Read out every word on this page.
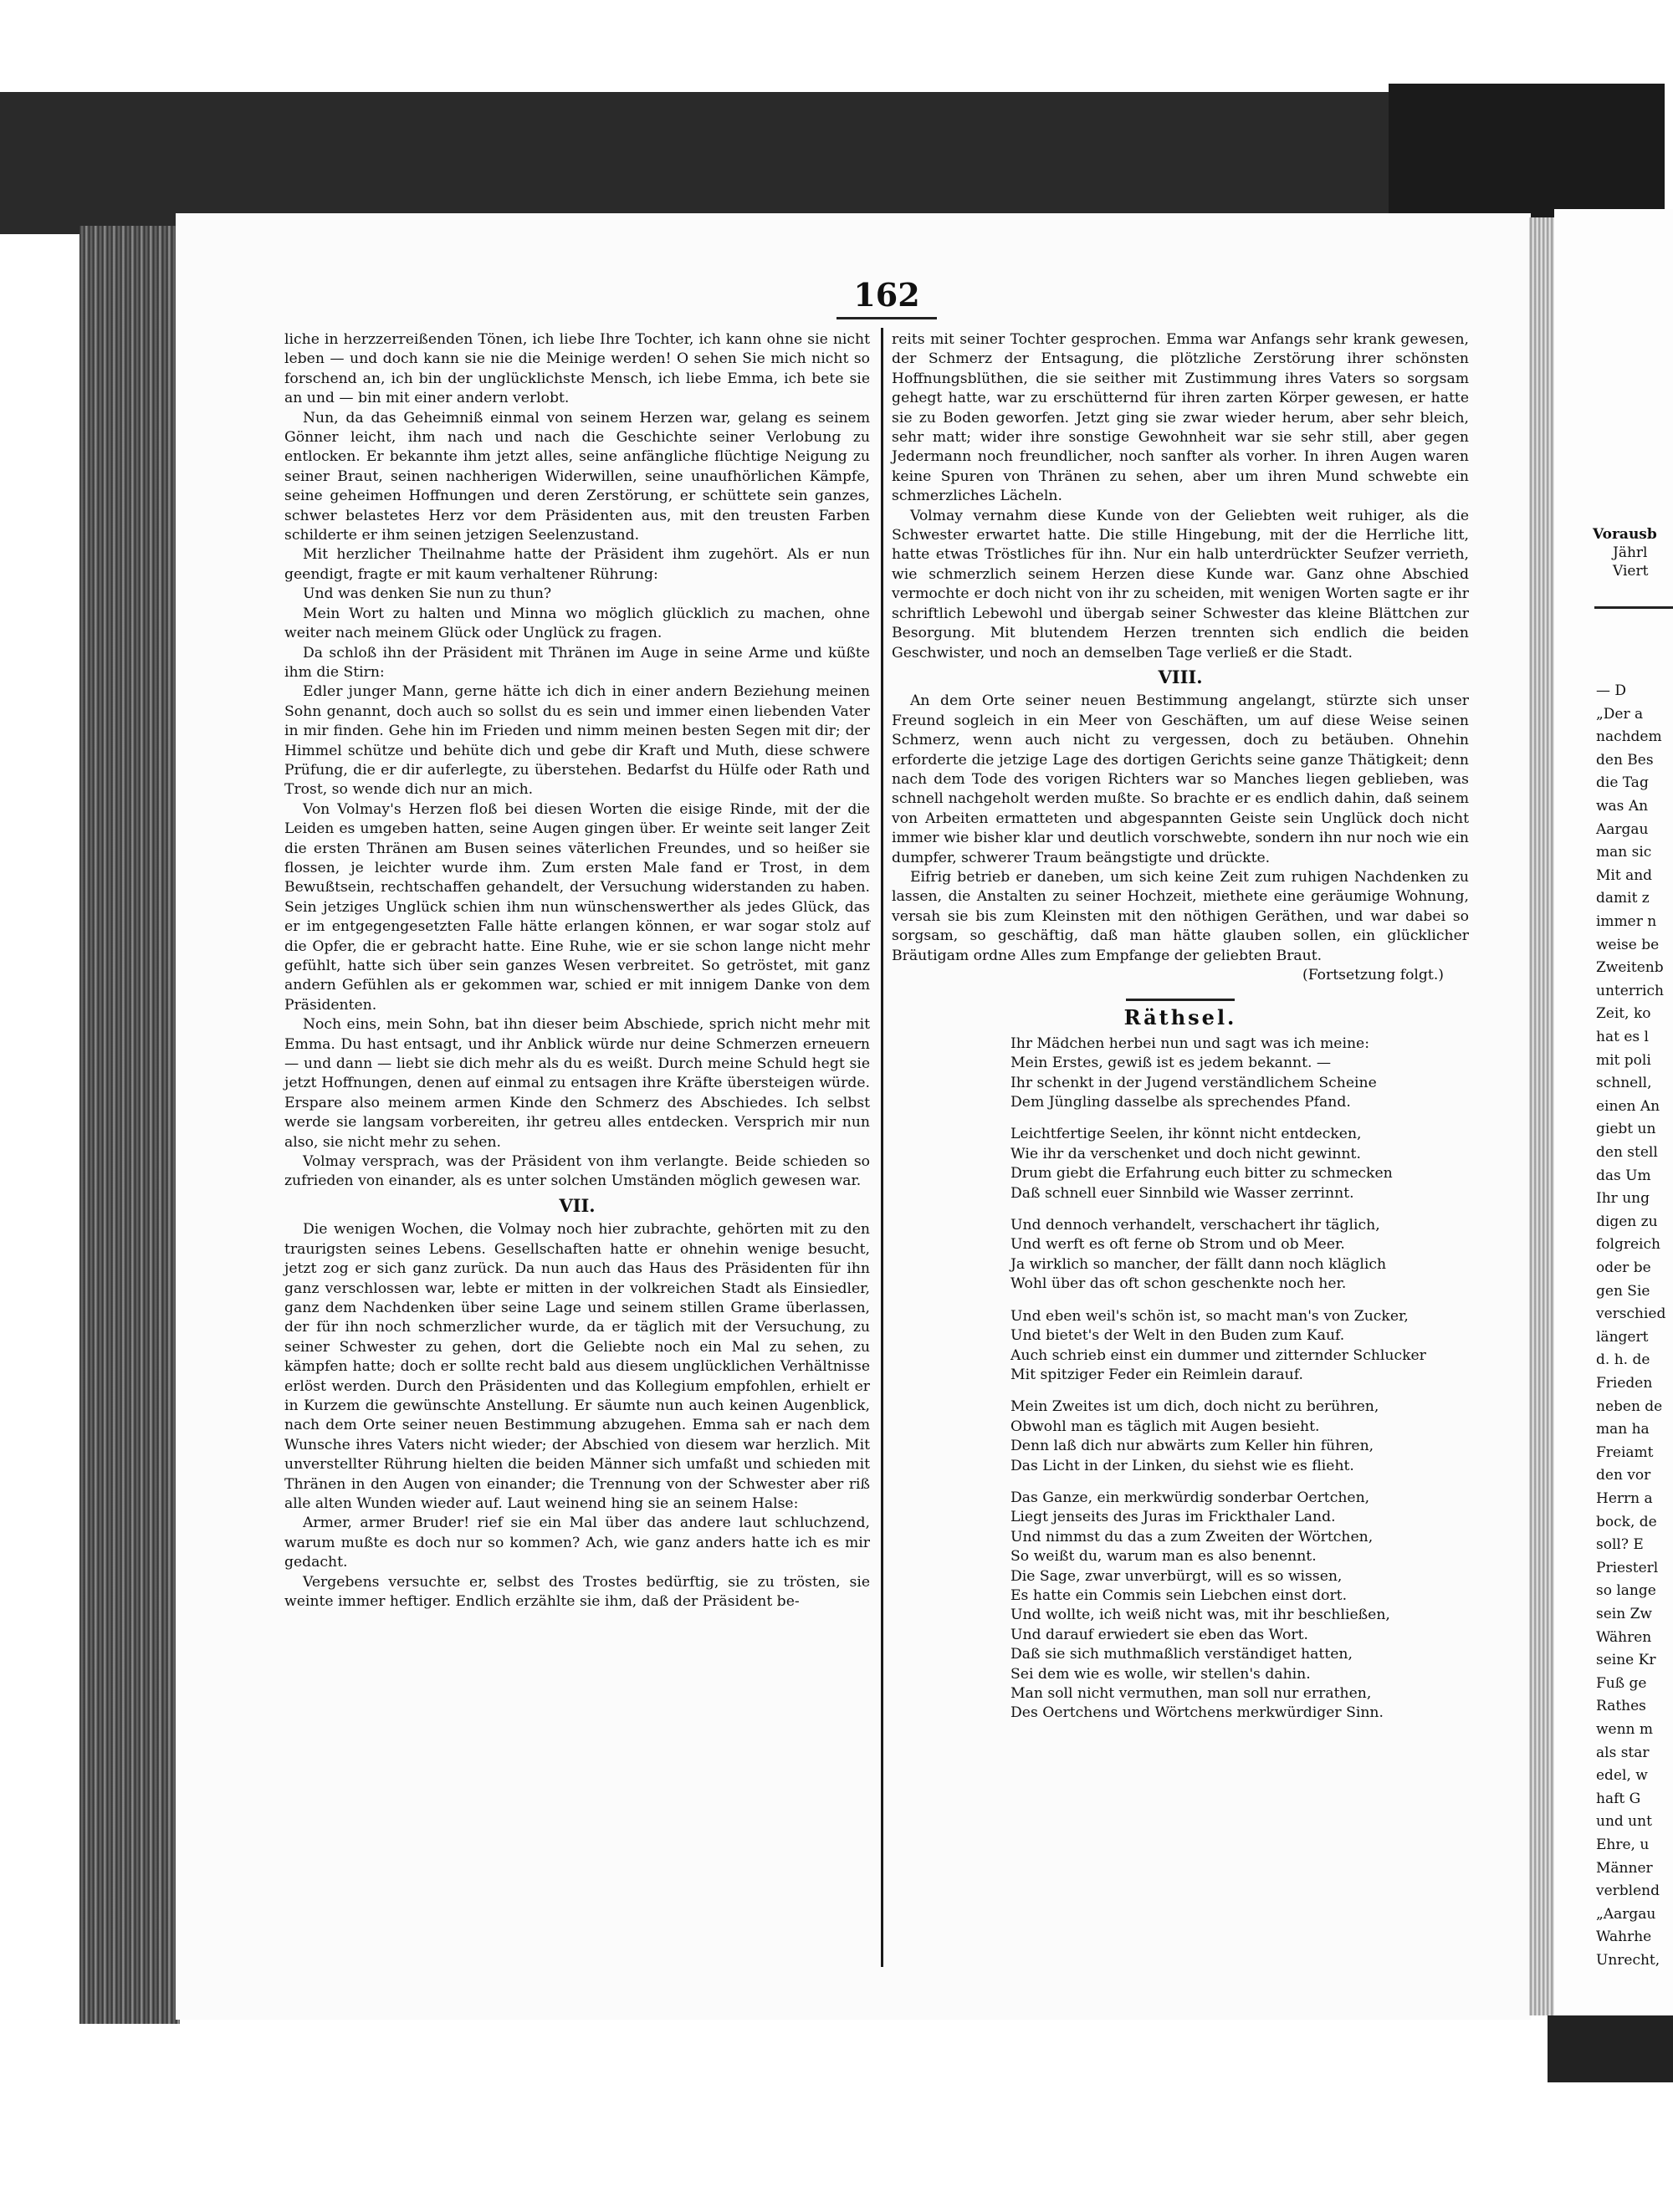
162

liche in herzzerreißenden Tönen, ich liebe Ihre Tochter, ich kann ohne sie nicht leben — und doch kann sie nie die Meinige werden! O sehen Sie mich nicht so forschend an, ich bin der unglücklichste Mensch, ich liebe Emma, ich bete sie an und — bin mit einer andern verlobt.

Nun, da das Geheimniß einmal von seinem Herzen war, gelang es seinem Gönner leicht, ihm nach und nach die Geschichte seiner Verlobung zu entlocken. Er bekannte ihm jetzt alles, seine anfängliche flüchtige Neigung zu seiner Braut, seinen nachherigen Widerwillen, seine unaufhörlichen Kämpfe, seine geheimen Hoffnungen und deren Zerstörung, er schüttete sein ganzes, schwer belastetes Herz vor dem Präsidenten aus, mit den treusten Farben schilderte er ihm seinen jetzigen Seelenzustand.

Mit herzlicher Theilnahme hatte der Präsident ihm zugehört. Als er nun geendigt, fragte er mit kaum verhaltener Rührung:

Und was denken Sie nun zu thun?

Mein Wort zu halten und Minna wo möglich glücklich zu machen, ohne weiter nach meinem Glück oder Unglück zu fragen.

Da schloß ihn der Präsident mit Thränen im Auge in seine Arme und küßte ihm die Stirn:

Edler junger Mann, gerne hätte ich dich in einer andern Beziehung meinen Sohn genannt, doch auch so sollst du es sein und immer einen liebenden Vater in mir finden. Gehe hin im Frieden und nimm meinen besten Segen mit dir; der Himmel schütze und behüte dich und gebe dir Kraft und Muth, diese schwere Prüfung, die er dir auferlegte, zu überstehen. Bedarfst du Hülfe oder Rath und Trost, so wende dich nur an mich.

Von Volmay's Herzen floß bei diesen Worten die eisige Rinde, mit der die Leiden es umgeben hatten, seine Augen gingen über. Er weinte seit langer Zeit die ersten Thränen am Busen seines väterlichen Freundes, und so heißer sie flossen, je leichter wurde ihm. Zum ersten Male fand er Trost, in dem Bewußtsein, rechtschaffen gehandelt, der Versuchung widerstanden zu haben. Sein jetziges Unglück schien ihm nun wünschenswerther als jedes Glück, das er im entgegengesetzten Falle hätte erlangen können, er war sogar stolz auf die Opfer, die er gebracht hatte. Eine Ruhe, wie er sie schon lange nicht mehr gefühlt, hatte sich über sein ganzes Wesen verbreitet. So getröstet, mit ganz andern Gefühlen als er gekommen war, schied er mit innigem Danke von dem Präsidenten.

Noch eins, mein Sohn, bat ihn dieser beim Abschiede, sprich nicht mehr mit Emma. Du hast entsagt, und ihr Anblick würde nur deine Schmerzen erneuern — und dann — liebt sie dich mehr als du es weißt. Durch meine Schuld hegt sie jetzt Hoffnungen, denen auf einmal zu entsagen ihre Kräfte übersteigen würde. Erspare also meinem armen Kinde den Schmerz des Abschiedes. Ich selbst werde sie langsam vorbereiten, ihr getreu alles entdecken. Versprich mir nun also, sie nicht mehr zu sehen.

Volmay versprach, was der Präsident von ihm verlangte. Beide schieden so zufrieden von einander, als es unter solchen Umständen möglich gewesen war.

VII.

Die wenigen Wochen, die Volmay noch hier zubrachte, gehörten mit zu den traurigsten seines Lebens. Gesellschaften hatte er ohnehin wenige besucht, jetzt zog er sich ganz zurück. Da nun auch das Haus des Präsidenten für ihn ganz verschlossen war, lebte er mitten in der volkreichen Stadt als Einsiedler, ganz dem Nachdenken über seine Lage und seinem stillen Grame überlassen, der für ihn noch schmerzlicher wurde, da er täglich mit der Versuchung, zu seiner Schwester zu gehen, dort die Geliebte noch ein Mal zu sehen, zu kämpfen hatte; doch er sollte recht bald aus diesem unglücklichen Verhältnisse erlöst werden. Durch den Präsidenten und das Kollegium empfohlen, erhielt er in Kurzem die gewünschte Anstellung. Er säumte nun auch keinen Augenblick, nach dem Orte seiner neuen Bestimmung abzugehen. Emma sah er nach dem Wunsche ihres Vaters nicht wieder; der Abschied von diesem war herzlich. Mit unverstellter Rührung hielten die beiden Männer sich umfaßt und schieden mit Thränen in den Augen von einander; die Trennung von der Schwester aber riß alle alten Wunden wieder auf. Laut weinend hing sie an seinem Halse:

Armer, armer Bruder! rief sie ein Mal über das andere laut schluchzend, warum mußte es doch nur so kommen? Ach, wie ganz anders hatte ich es mir gedacht.

Vergebens versuchte er, selbst des Trostes bedürftig, sie zu trösten, sie weinte immer heftiger. Endlich erzählte sie ihm, daß der Präsident be-

reits mit seiner Tochter gesprochen. Emma war Anfangs sehr krank gewesen, der Schmerz der Entsagung, die plötzliche Zerstörung ihrer schönsten Hoffnungsblüthen, die sie seither mit Zustimmung ihres Vaters so sorgsam gehegt hatte, war zu erschütternd für ihren zarten Körper gewesen, er hatte sie zu Boden geworfen. Jetzt ging sie zwar wieder herum, aber sehr bleich, sehr matt; wider ihre sonstige Gewohnheit war sie sehr still, aber gegen Jedermann noch freundlicher, noch sanfter als vorher. In ihren Augen waren keine Spuren von Thränen zu sehen, aber um ihren Mund schwebte ein schmerzliches Lächeln.

Volmay vernahm diese Kunde von der Geliebten weit ruhiger, als die Schwester erwartet hatte. Die stille Hingebung, mit der die Herrliche litt, hatte etwas Tröstliches für ihn. Nur ein halb unterdrückter Seufzer verrieth, wie schmerzlich seinem Herzen diese Kunde war. Ganz ohne Abschied vermochte er doch nicht von ihr zu scheiden, mit wenigen Worten sagte er ihr schriftlich Lebewohl und übergab seiner Schwester das kleine Blättchen zur Besorgung. Mit blutendem Herzen trennten sich endlich die beiden Geschwister, und noch an demselben Tage verließ er die Stadt.

VIII.

An dem Orte seiner neuen Bestimmung angelangt, stürzte sich unser Freund sogleich in ein Meer von Geschäften, um auf diese Weise seinen Schmerz, wenn auch nicht zu vergessen, doch zu betäuben. Ohnehin erforderte die jetzige Lage des dortigen Gerichts seine ganze Thätigkeit; denn nach dem Tode des vorigen Richters war so Manches liegen geblieben, was schnell nachgeholt werden mußte. So brachte er es endlich dahin, daß seinem von Arbeiten ermatteten und abgespannten Geiste sein Unglück doch nicht immer wie bisher klar und deutlich vorschwebte, sondern ihn nur noch wie ein dumpfer, schwerer Traum beängstigte und drückte.

Eifrig betrieb er daneben, um sich keine Zeit zum ruhigen Nachdenken zu lassen, die Anstalten zu seiner Hochzeit, miethete eine geräumige Wohnung, versah sie bis zum Kleinsten mit den nöthigen Geräthen, und war dabei so sorgsam, so geschäftig, daß man hätte glauben sollen, ein glücklicher Bräutigam ordne Alles zum Empfange der geliebten Braut.

(Fortsetzung folgt.)
Räthsel.
Ihr Mädchen herbei nun und sagt was ich meine:
Mein Erstes, gewiß ist es jedem bekannt. —
Ihr schenkt in der Jugend verständlichem Scheine
Dem Jüngling dasselbe als sprechendes Pfand.
Leichtfertige Seelen, ihr könnt nicht entdecken,
Wie ihr da verschenket und doch nicht gewinnt.
Drum giebt die Erfahrung euch bitter zu schmecken
Daß schnell euer Sinnbild wie Wasser zerrinnt.
Und dennoch verhandelt, verschachert ihr täglich,
Und werft es oft ferne ob Strom und ob Meer.
Ja wirklich so mancher, der fällt dann noch kläglich
Wohl über das oft schon geschenkte noch her.
Und eben weil's schön ist, so macht man's von Zucker,
Und bietet's der Welt in den Buden zum Kauf.
Auch schrieb einst ein dummer und zitternder Schlucker
Mit spitziger Feder ein Reimlein darauf.
Mein Zweites ist um dich, doch nicht zu berühren,
Obwohl man es täglich mit Augen besieht.
Denn laß dich nur abwärts zum Keller hin führen,
Das Licht in der Linken, du siehst wie es flieht.
Das Ganze, ein merkwürdig sonderbar Oertchen,
Liegt jenseits des Juras im Frickthaler Land.
Und nimmst du das a zum Zweiten der Wörtchen,
So weißt du, warum man es also benennt.
Die Sage, zwar unverbürgt, will es so wissen,
Es hatte ein Commis sein Liebchen einst dort.
Und wollte, ich weiß nicht was, mit ihr beschließen,
Und darauf erwiedert sie eben das Wort.
Daß sie sich muthmaßlich verständiget hatten,
Sei dem wie es wolle, wir stellen's dahin.
Man soll nicht vermuthen, man soll nur errathen,
Des Oertchens und Wörtchens merkwürdiger Sinn.
Vorausb
Jährl
Viert
— D
„Der a
nachdem
den Bes
die Tag
was An
Aargau
man sic
Mit and
damit z
immer n
weise be
Zweitenb
unterrich
Zeit, ko
hat es l
mit poli
schnell,
einen An
giebt un
den stell
das Um
Ihr ung
digen zu
folgreich
oder be
gen Sie
verschied
längert
d. h. de
Frieden
neben de
man ha
Freiamt
den vor
Herrn a
bock, de
soll? E
Priesterl
so lange
sein Zw
Währen
seine Kr
Fuß ge
Rathes
wenn m
als star
edel, w
haft G
und unt
Ehre, u
Männer
verblend
„Aargau
Wahrhe
Unrecht,
